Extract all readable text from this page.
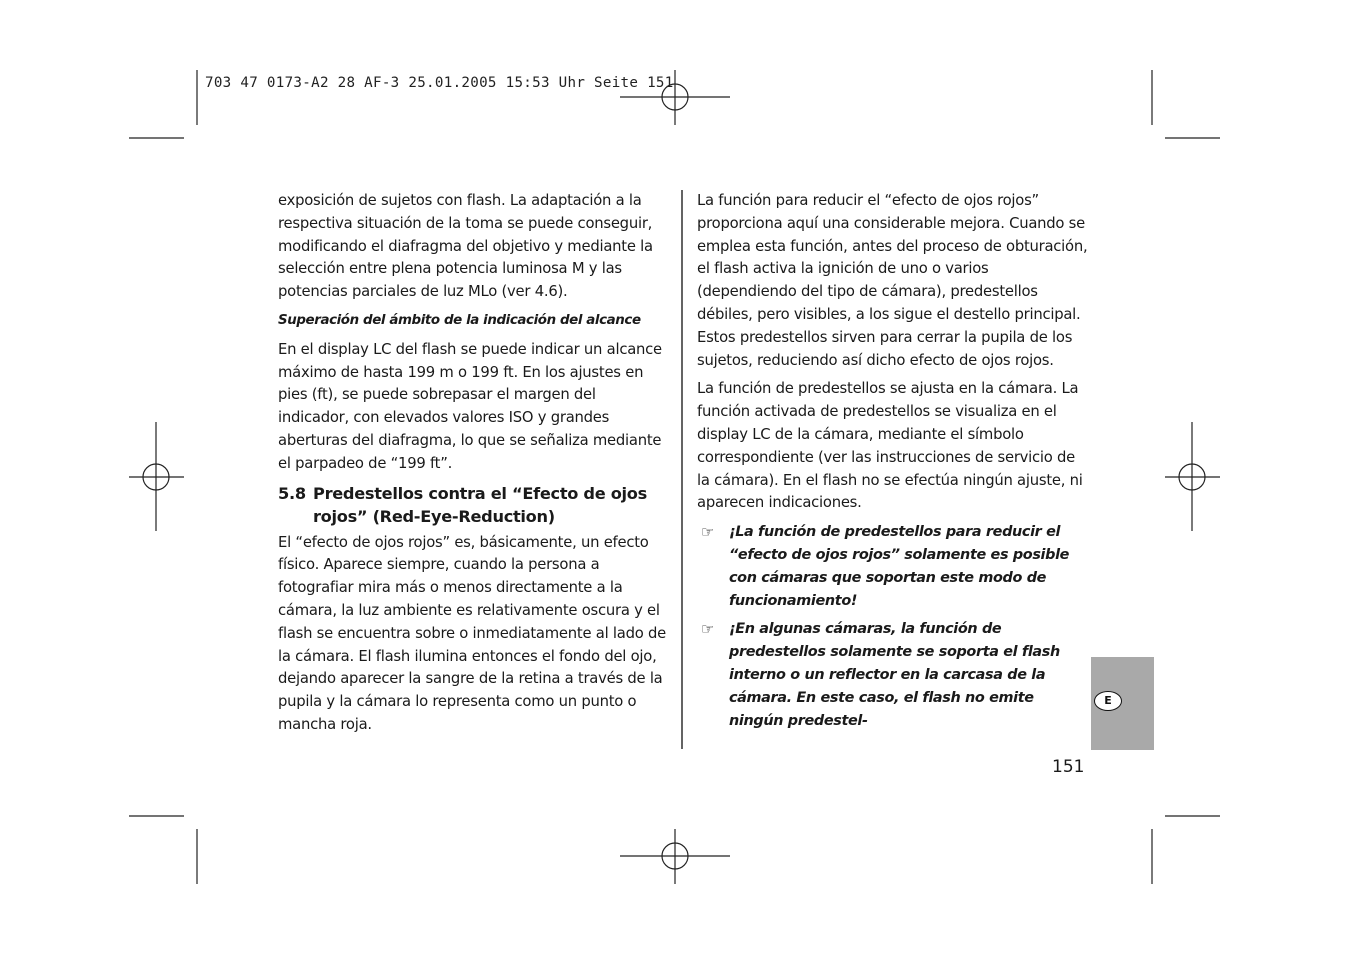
703 47 0173-A2 28 AF-3 25.01.2005 15:53 Uhr Seite 151

exposición de sujetos con flash. La adaptación a la respectiva situación de la toma se puede conseguir, modificando el diafragma del objetivo y mediante la selección entre plena potencia luminosa M y las potencias parciales de luz MLo (ver 4.6).

Superación del ámbito de la indicación del alcance

En el display LC del flash se puede indicar un alcance máximo de hasta 199 m o 199 ft. En los ajustes en pies (ft), se puede sobrepasar el margen del indicador, con elevados valores ISO y grandes aberturas del diafragma, lo que se señaliza mediante el parpadeo de “199 ft”.

5.8 Predestellos contra el “Efecto de ojos
rojos” (Red-Eye-Reduction)

El “efecto de ojos rojos” es, básicamente, un efecto físico. Aparece siempre, cuando la persona a fotografiar mira más o menos directamente a la cámara, la luz ambiente es relativamente oscura y el flash se encuentra sobre o inmediatamente al lado de la cámara. El flash ilumina entonces el fondo del ojo, dejando aparecer la sangre de la retina a través de la pupila y la cámara lo representa como un punto o mancha roja.

La función para reducir el “efecto de ojos rojos” proporciona aquí una considerable mejora. Cuando se emplea esta función, antes del proceso de obturación, el flash activa la ignición de uno o varios (dependiendo del tipo de cámara), predestellos débiles, pero visibles, a los sigue el destello principal. Estos predestellos sirven para cerrar la pupila de los sujetos, reduciendo así dicho efecto de ojos rojos.

La función de predestellos se ajusta en la cámara. La función activada de predestellos se visualiza en el display LC de la cámara, mediante el símbolo correspondiente (ver las instrucciones de servicio de la cámara). En el flash no se efectúa ningún ajuste, ni aparecen indicaciones.

☞ ¡La función de predestellos para reducir el “efecto de ojos rojos” solamente es posible con cámaras que soportan este modo de funcionamiento!
☞ ¡En algunas cámaras, la función de predestellos solamente se soporta el flash interno o un reflector en la carcasa de la cámara. En este caso, el flash no emite ningún predestel-
E
151
